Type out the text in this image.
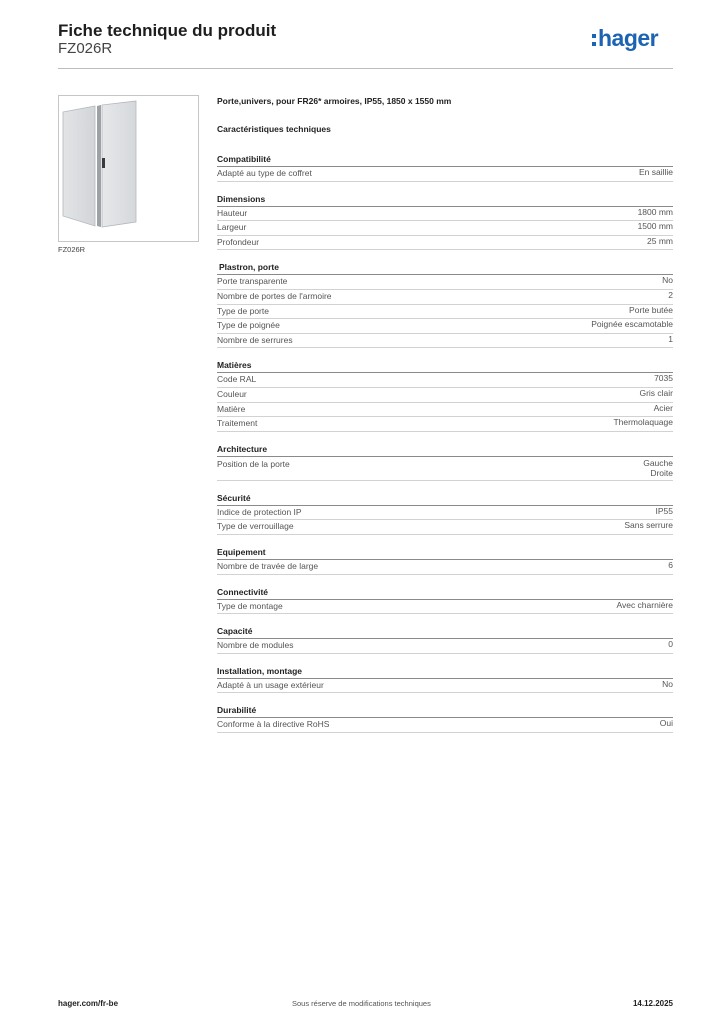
Fiche technique du produit
FZ026R	hager
FZ026R
Porte,univers, pour FR26* armoires, IP55, 1850 x 1550 mm
Caractéristiques techniques
Compatibilité
Adapté au type de coffret	En saillie
Dimensions
Hauteur	1800 mm
Largeur	1500 mm
Profondeur	25 mm
Plastron, porte
Porte transparente	No
Nombre de portes de l'armoire	2
Type de porte	Porte butée
Type de poignée	Poignée escamotable
Nombre de serrures	1
Matières
Code RAL	7035
Couleur	Gris clair
Matière	Acier
Traitement	Thermolaquage
Architecture
Position de la porte	Gauche
Droite
Sécurité
Indice de protection IP	IP55
Type de verrouillage	Sans serrure
Equipement
Nombre de travée de large	6
Connectivité
Type de montage	Avec charnière
Capacité
Nombre de modules	0
Installation, montage
Adapté à un usage extérieur	No
Durabilité
Conforme à la directive RoHS	Oui
hager.com/fr-be	Sous réserve de modifications techniques	14.12.2025
